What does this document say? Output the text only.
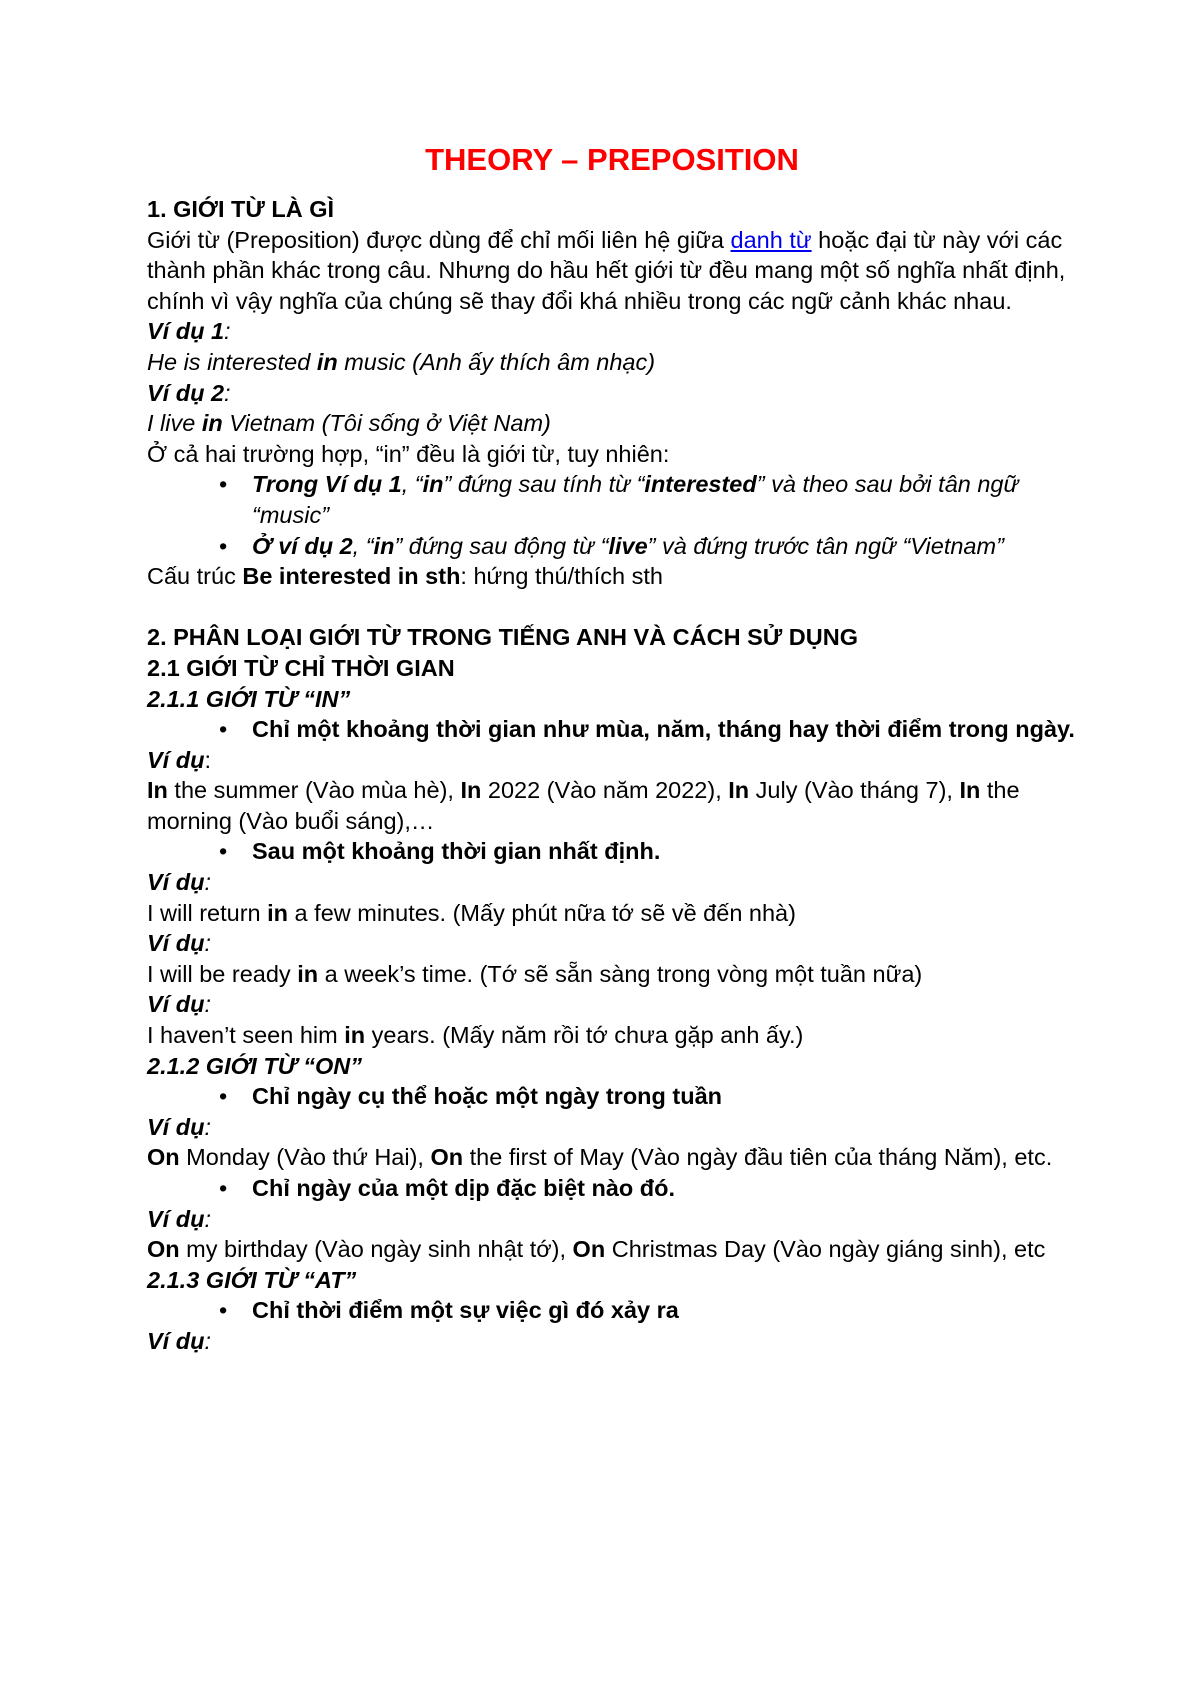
THEORY – PREPOSITION

1. GIỚI TỪ LÀ GÌ

Giới từ (Preposition) được dùng để chỉ mối liên hệ giữa danh từ hoặc đại từ này với các thành phần khác trong câu. Nhưng do hầu hết giới từ đều mang một số nghĩa nhất định, chính vì vậy nghĩa của chúng sẽ thay đổi khá nhiều trong các ngữ cảnh khác nhau.

Ví dụ 1:

He is interested in music (Anh ấy thích âm nhạc)

Ví dụ 2:

I live in Vietnam (Tôi sống ở Việt Nam)

Ở cả hai trường hợp, “in” đều là giới từ, tuy nhiên:

• Trong Ví dụ 1, “in” đứng sau tính từ “interested” và theo sau bởi tân ngữ “music”
• Ở ví dụ 2, “in” đứng sau động từ “live” và đứng trước tân ngữ “Vietnam”

Cấu trúc Be interested in sth: hứng thú/thích sth

2. PHÂN LOẠI GIỚI TỪ TRONG TIẾNG ANH VÀ CÁCH SỬ DỤNG

2.1 GIỚI TỪ CHỈ THỜI GIAN

2.1.1 GIỚI TỪ “IN”

• Chỉ một khoảng thời gian như mùa, năm, tháng hay thời điểm trong ngày.

Ví dụ:

In the summer (Vào mùa hè), In 2022 (Vào năm 2022), In July (Vào tháng 7), In the morning (Vào buổi sáng),…

• Sau một khoảng thời gian nhất định.

Ví dụ:

I will return in a few minutes. (Mấy phút nữa tớ sẽ về đến nhà)

Ví dụ:

I will be ready in a week’s time. (Tớ sẽ sẵn sàng trong vòng một tuần nữa)

Ví dụ:

I haven’t seen him in years. (Mấy năm rồi tớ chưa gặp anh ấy.)

2.1.2 GIỚI TỪ “ON”

• Chỉ ngày cụ thể hoặc một ngày trong tuần

Ví dụ:

On Monday (Vào thứ Hai), On the first of May (Vào ngày đầu tiên của tháng Năm), etc.

• Chỉ ngày của một dịp đặc biệt nào đó.

Ví dụ:

On my birthday (Vào ngày sinh nhật tớ), On Christmas Day (Vào ngày giáng sinh), etc

2.1.3 GIỚI TỪ “AT”

• Chỉ thời điểm một sự việc gì đó xảy ra

Ví dụ:
